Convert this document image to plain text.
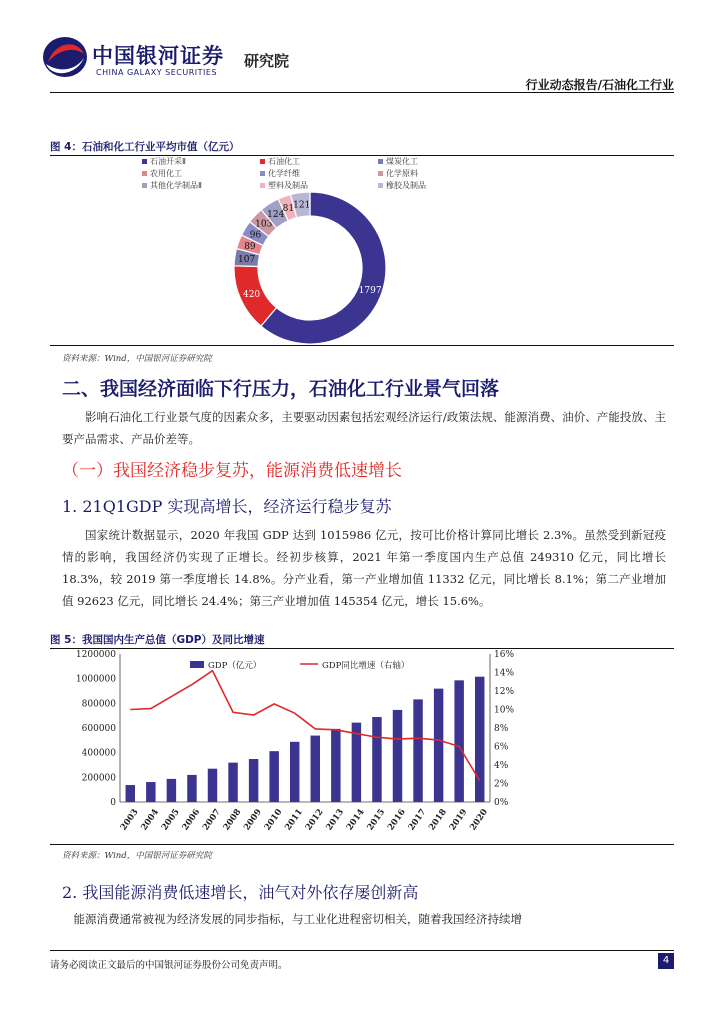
中国银河证券
CHINA GALAXY SECURITIES
研究院
行业动态报告/石油化工行业
图 4：石油和化工行业平均市值（亿元）
石油开采Ⅱ	石油化工	煤炭化工
农用化工	化学纤维	化学原料
其他化学制品Ⅱ	塑料及制品	橡胶及制品
1797
420
107
89
96
103
124
81 121
资料来源：Wind，中国银河证券研究院
二、我国经济面临下行压力，石油化工行业景气回落
影响石油化工行业景气度的因素众多，主要驱动因素包括宏观经济运行/政策法规、能源消费、油价、产能投放、主要产品需求、产品价差等。
（一）我国经济稳步复苏，能源消费低速增长
1. 21Q1GDP 实现高增长，经济运行稳步复苏
国家统计数据显示，2020 年我国 GDP 达到 1015986 亿元，按可比价格计算同比增长 2.3%。虽然受到新冠疫情的影响，我国经济仍实现了正增长。经初步核算，2021 年第一季度国内生产总值 249310 亿元，同比增长 18.3%，较 2019 第一季度增长 14.8%。分产业看，第一产业增加值 11332 亿元，同比增长 8.1%；第二产业增加值 92623 亿元，同比增长 24.4%；第三产业增加值 145354 亿元，增长 15.6%。
图 5：我国国内生产总值（GDP）及同比增速
0
200000
400000
600000
800000
1000000
1200000
0%
2%
4%
6%
8%
10%
12%
14%
16%
2003
2004
2005
2006
2007
2008
2009
2010
2011
2012
2013
2014
2015
2016
2017
2018
2019
2020
GDP（亿元）	GDP同比增速（右轴）
资料来源：Wind，中国银河证券研究院
2. 我国能源消费低速增长，油气对外依存屡创新高
能源消费通常被视为经济发展的同步指标，与工业化进程密切相关，随着我国经济持续增
请务必阅读正文最后的中国银河证券股份公司免责声明。	4
